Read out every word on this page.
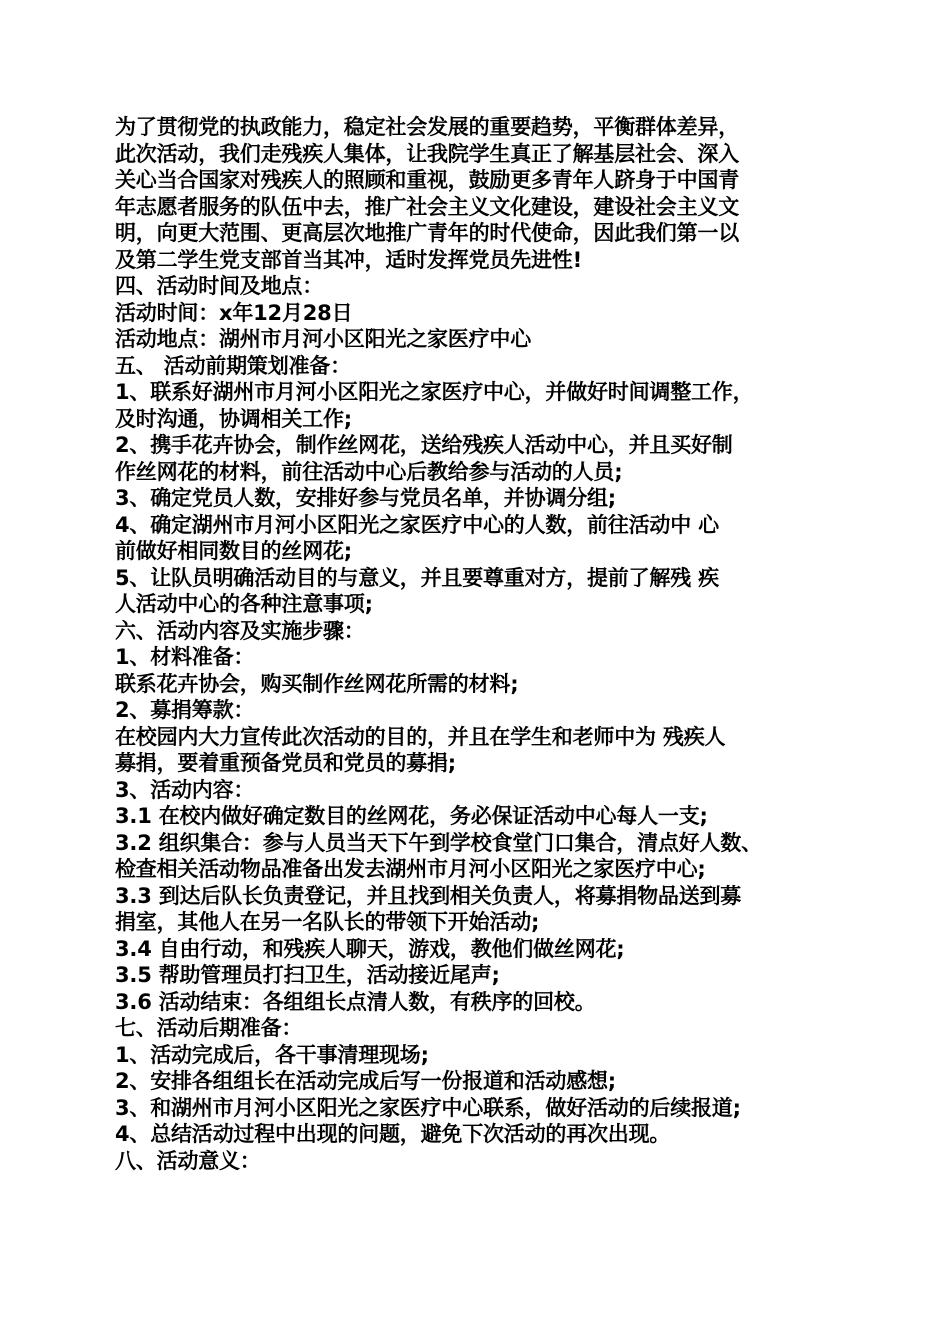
为了贯彻党的执政能力，稳定社会发展的重要趋势，平衡群体差异，
此次活动，我们走残疾人集体，让我院学生真正了解基层社会、深入
关心当合国家对残疾人的照顾和重视，鼓励更多青年人跻身于中国青
年志愿者服务的队伍中去，推广社会主义文化建设，建设社会主义文
明，向更大范围、更高层次地推广青年的时代使命，因此我们第一以
及第二学生党支部首当其冲，适时发挥党员先进性!
四、活动时间及地点：
活动时间：x年12月28日
活动地点：湖州市月河小区阳光之家医疗中心
五、 活动前期策划准备：
1、联系好湖州市月河小区阳光之家医疗中心，并做好时间调整工作，
及时沟通，协调相关工作;
2、携手花卉协会，制作丝网花，送给残疾人活动中心，并且买好制
作丝网花的材料，前往活动中心后教给参与活动的人员;
3、确定党员人数，安排好参与党员名单，并协调分组;
4、确定湖州市月河小区阳光之家医疗中心的人数，前往活动中 心
前做好相同数目的丝网花;
5、让队员明确活动目的与意义，并且要尊重对方，提前了解残 疾
人活动中心的各种注意事项;
六、活动内容及实施步骤：
1、材料准备：
联系花卉协会，购买制作丝网花所需的材料;
2、募捐筹款：
在校园内大力宣传此次活动的目的，并且在学生和老师中为 残疾人
募捐，要着重预备党员和党员的募捐;
3、活动内容：
3.1 在校内做好确定数目的丝网花，务必保证活动中心每人一支;
3.2 组织集合：参与人员当天下午到学校食堂门口集合，清点好人数、
检查相关活动物品准备出发去湖州市月河小区阳光之家医疗中心;
3.3 到达后队长负责登记，并且找到相关负责人，将募捐物品送到募
捐室，其他人在另一名队长的带领下开始活动;
3.4 自由行动，和残疾人聊天，游戏，教他们做丝网花;
3.5 帮助管理员打扫卫生，活动接近尾声;
3.6 活动结束：各组组长点清人数，有秩序的回校。
七、活动后期准备：
1、活动完成后，各干事清理现场;
2、安排各组组长在活动完成后写一份报道和活动感想;
3、和湖州市月河小区阳光之家医疗中心联系，做好活动的后续报道;
4、总结活动过程中出现的问题，避免下次活动的再次出现。
八、活动意义：
